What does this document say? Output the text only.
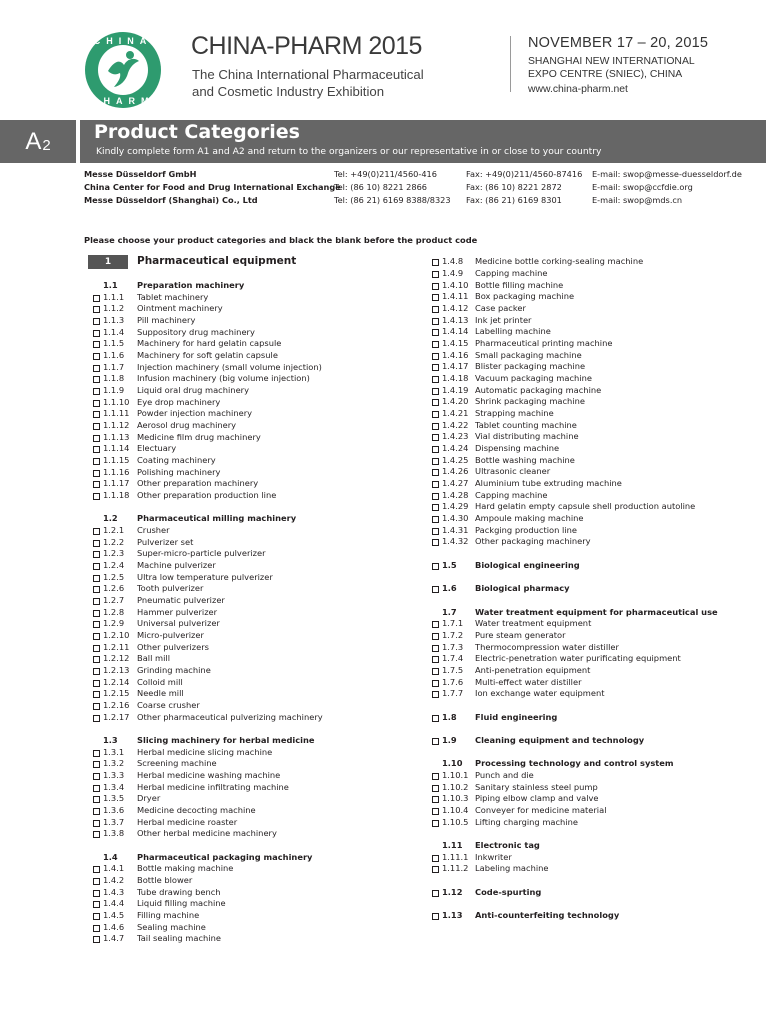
CHINA
PHARM
CHINA-PHARM 2015
The China International Pharmaceutical
and Cosmetic Industry Exhibition
NOVEMBER 17 – 20, 2015
SHANGHAI NEW INTERNATIONAL
EXPO CENTRE (SNIEC), CHINA
www.china-pharm.net
A 2
Product Categories
Kindly complete form A1 and A2 and return to the organizers or our representative in or close to your country
Messe Düsseldorf GmbH
China Center for Food and Drug International Exchange
Messe Düsseldorf (Shanghai) Co., Ltd
Tel: +49(0)211/4560-416
Tel: (86 10) 8221 2866
Tel: (86 21) 6169 8388/8323
Fax: +49(0)211/4560-87416
Fax: (86 10) 8221 2872
Fax: (86 21) 6169 8301
E-mail: swop@messe-duesseldorf.de
E-mail: swop@ccfdie.org
E-mail: swop@mds.cn
Please choose your product categories and black the blank before the product code
1	Pharmaceutical equipment
1.1 Preparation machinery
1.1.1 Tablet machinery
1.1.2 Ointment machinery
1.1.3 Pill machinery
1.1.4 Suppository drug machinery
1.1.5 Machinery for hard gelatin capsule
1.1.6 Machinery for soft gelatin capsule
1.1.7 Injection machinery (small volume injection)
1.1.8 Infusion machinery (big volume injection)
1.1.9 Liquid oral drug machinery
1.1.10 Eye drop machinery
1.1.11 Powder injection machinery
1.1.12 Aerosol drug machinery
1.1.13 Medicine film drug machinery
1.1.14 Electuary
1.1.15 Coating machinery
1.1.16 Polishing machinery
1.1.17 Other preparation machinery
1.1.18 Other preparation production line
1.2 Pharmaceutical milling machinery
1.2.1 Crusher
1.2.2 Pulverizer set
1.2.3 Super-micro-particle pulverizer
1.2.4 Machine pulverizer
1.2.5 Ultra low temperature pulverizer
1.2.6 Tooth pulverizer
1.2.7 Pneumatic pulverizer
1.2.8 Hammer pulverizer
1.2.9 Universal pulverizer
1.2.10 Micro-pulverizer
1.2.11 Other pulverizers
1.2.12 Ball mill
1.2.13 Grinding machine
1.2.14 Colloid mill
1.2.15 Needle mill
1.2.16 Coarse crusher
1.2.17 Other pharmaceutical pulverizing machinery
1.3 Slicing machinery for herbal medicine
1.3.1 Herbal medicine slicing machine
1.3.2 Screening machine
1.3.3 Herbal medicine washing machine
1.3.4 Herbal medicine infiltrating machine
1.3.5 Dryer
1.3.6 Medicine decocting machine
1.3.7 Herbal medicine roaster
1.3.8 Other herbal medicine machinery
1.4 Pharmaceutical packaging machinery
1.4.1 Bottle making machine
1.4.2 Bottle blower
1.4.3 Tube drawing bench
1.4.4 Liquid filling machine
1.4.5 Filling machine
1.4.6 Sealing machine
1.4.7 Tail sealing machine
1.4.8 Medicine bottle corking-sealing machine
1.4.9 Capping machine
1.4.10 Bottle filling machine
1.4.11 Box packaging machine
1.4.12 Case packer
1.4.13 Ink jet printer
1.4.14 Labelling machine
1.4.15 Pharmaceutical printing machine
1.4.16 Small packaging machine
1.4.17 Blister packaging machine
1.4.18 Vacuum packaging machine
1.4.19 Automatic packaging machine
1.4.20 Shrink packaging machine
1.4.21 Strapping machine
1.4.22 Tablet counting machine
1.4.23 Vial distributing machine
1.4.24 Dispensing machine
1.4.25 Bottle washing machine
1.4.26 Ultrasonic cleaner
1.4.27 Aluminium tube extruding machine
1.4.28 Capping machine
1.4.29 Hard gelatin empty capsule shell production autoline
1.4.30 Ampoule making machine
1.4.31 Packging production line
1.4.32 Other packaging machinery
1.5 Biological engineering
1.6 Biological pharmacy
1.7 Water treatment equipment for pharmaceutical use
1.7.1 Water treatment equipment
1.7.2 Pure steam generator
1.7.3 Thermocompression water distiller
1.7.4 Electric-penetration water purificating equipment
1.7.5 Anti-penetration equipment
1.7.6 Multi-effect water distiller
1.7.7 Ion exchange water equipment
1.8 Fluid engineering
1.9 Cleaning equipment and technology
1.10 Processing technology and control system
1.10.1 Punch and die
1.10.2 Sanitary stainless steel pump
1.10.3 Piping elbow clamp and valve
1.10.4 Conveyer for medicine material
1.10.5 Lifting charging machine
1.11 Electronic tag
1.11.1 Inkwriter
1.11.2 Labeling machine
1.12 Code-spurting
1.13 Anti-counterfeiting technology
